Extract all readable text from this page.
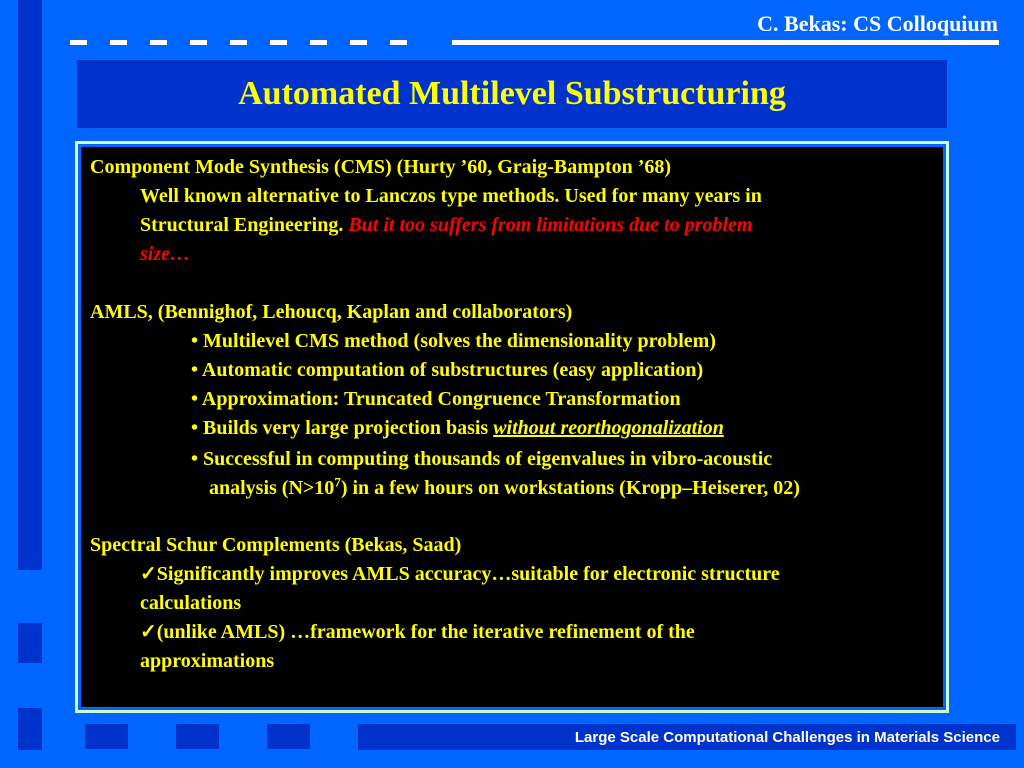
C. Bekas: CS Colloquium
Automated Multilevel Substructuring
Component Mode Synthesis (CMS) (Hurty ’60, Graig-Bampton ’68)
Well known alternative to Lanczos type methods. Used for many years in
Structural Engineering. But it too suffers from limitations due to problem
size…
AMLS, (Bennighof, Lehoucq, Kaplan and collaborators)
• Multilevel CMS method (solves the dimensionality problem)
• Automatic computation of substructures (easy application)
• Approximation: Truncated Congruence Transformation
• Builds very large projection basis without reorthogonalization
• Successful in computing thousands of eigenvalues in vibro-acoustic
analysis $(N>10^7)$ in a few hours on workstations (Kropp–Heiserer, 02)
Spectral Schur Complements (Bekas, Saad)
✓Significantly improves AMLS accuracy…suitable for electronic structure
calculations
✓(unlike AMLS) …framework for the iterative refinement of the
approximations
Large Scale Computational Challenges in Materials Science
